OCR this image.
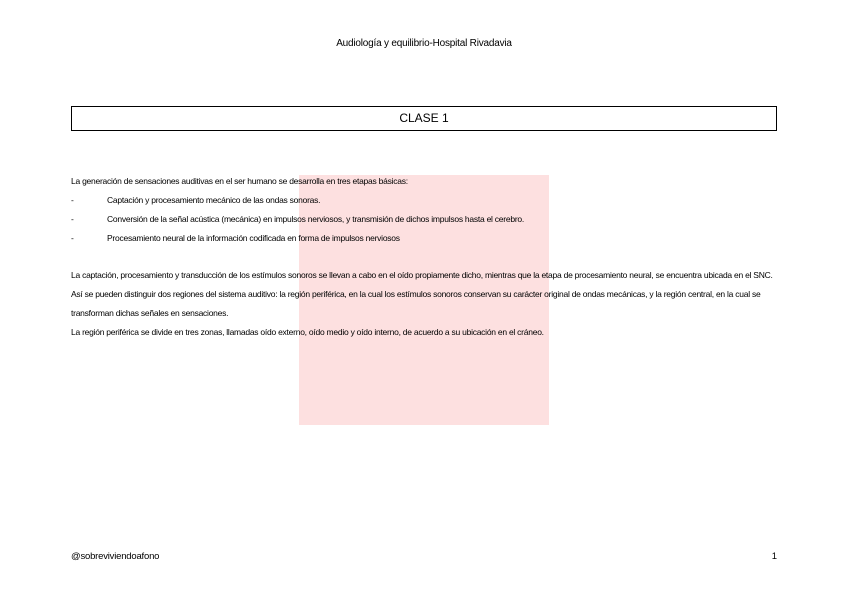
Audiología y equilibrio-Hospital Rivadavia
CLASE 1
La generación de sensaciones auditivas en el ser humano se desarrolla en tres etapas básicas:
-	Captación y procesamiento mecánico de las ondas sonoras.
-	Conversión de la señal acústica (mecánica) en impulsos nerviosos, y transmisión de dichos impulsos hasta el cerebro.
-	Procesamiento neural de la información codificada en forma de impulsos nerviosos

La captación, procesamiento y transducción de los estímulos sonoros se llevan a cabo en el oído propiamente dicho, mientras que la etapa de procesamiento neural, se encuentra ubicada en el SNC. Así se pueden distinguir dos regiones del sistema auditivo: la región periférica, en la cual los estímulos sonoros conservan su carácter original de ondas mecánicas, y la región central, en la cual se transforman dichas señales en sensaciones.

La región periférica se divide en tres zonas, llamadas oído externo, oído medio y oído interno, de acuerdo a su ubicación en el cráneo.

@sobreviviendoafono	1
